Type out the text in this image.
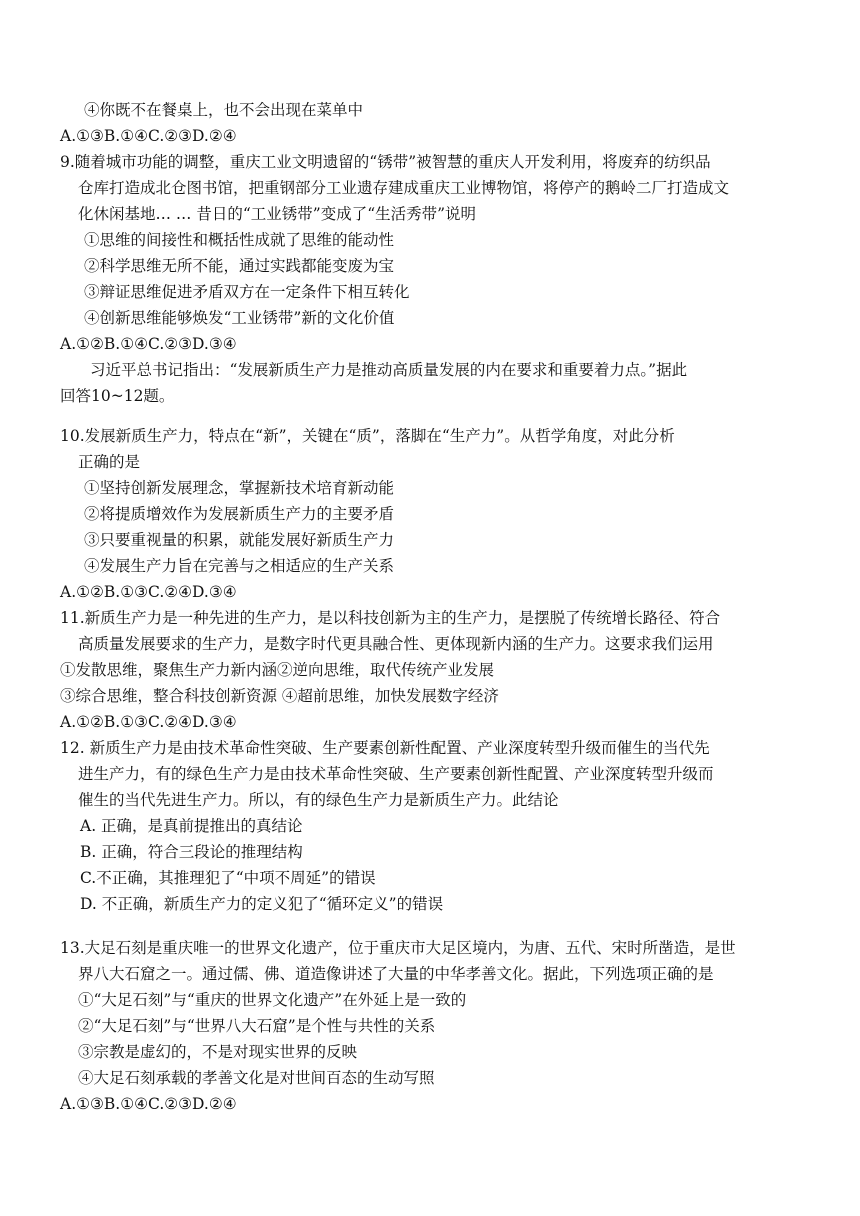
④你既不在餐桌上，也不会出现在菜单中
A.①③B.①④C.②③D.②④
9.随着城市功能的调整，重庆工业文明遗留的“锈带”被智慧的重庆人开发利用，将废弃的纺织品
仓库打造成北仓图书馆，把重钢部分工业遗存建成重庆工业博物馆，将停产的鹅岭二厂打造成文
化休闲基地… … 昔日的“工业锈带”变成了“生活秀带”说明
①思维的间接性和概括性成就了思维的能动性
②科学思维无所不能，通过实践都能变废为宝
③辩证思维促进矛盾双方在一定条件下相互转化
④创新思维能够焕发“工业锈带”新的文化价值
A.①②B.①④C.②③D.③④
习近平总书记指出：“发展新质生产力是推动高质量发展的内在要求和重要着力点。”据此
回答10~12题。
10.发展新质生产力，特点在“新”，关键在“质”，落脚在“生产力”。从哲学角度，对此分析
正确的是
①坚持创新发展理念，掌握新技术培育新动能
②将提质增效作为发展新质生产力的主要矛盾
③只要重视量的积累，就能发展好新质生产力
④发展生产力旨在完善与之相适应的生产关系
A.①②B.①③C.②④D.③④
11.新质生产力是一种先进的生产力，是以科技创新为主的生产力，是摆脱了传统增长路径、符合
高质量发展要求的生产力，是数字时代更具融合性、更体现新内涵的生产力。这要求我们运用
①发散思维，聚焦生产力新内涵②逆向思维，取代传统产业发展
③综合思维，整合科技创新资源 ④超前思维，加快发展数字经济
A.①②B.①③C.②④D.③④
12. 新质生产力是由技术革命性突破、生产要素创新性配置、产业深度转型升级而催生的当代先
进生产力，有的绿色生产力是由技术革命性突破、生产要素创新性配置、产业深度转型升级而
催生的当代先进生产力。所以，有的绿色生产力是新质生产力。此结论
A. 正确，是真前提推出的真结论
B. 正确，符合三段论的推理结构
C.不正确，其推理犯了“中项不周延”的错误
D. 不正确，新质生产力的定义犯了“循环定义”的错误
13.大足石刻是重庆唯一的世界文化遗产，位于重庆市大足区境内，为唐、五代、宋时所凿造，是世
界八大石窟之一。通过儒、佛、道造像讲述了大量的中华孝善文化。据此，下列选项正确的是
①“大足石刻”与“重庆的世界文化遗产”在外延上是一致的
②“大足石刻”与“世界八大石窟”是个性与共性的关系
③宗教是虚幻的，不是对现实世界的反映
④大足石刻承载的孝善文化是对世间百态的生动写照
A.①③B.①④C.②③D.②④
